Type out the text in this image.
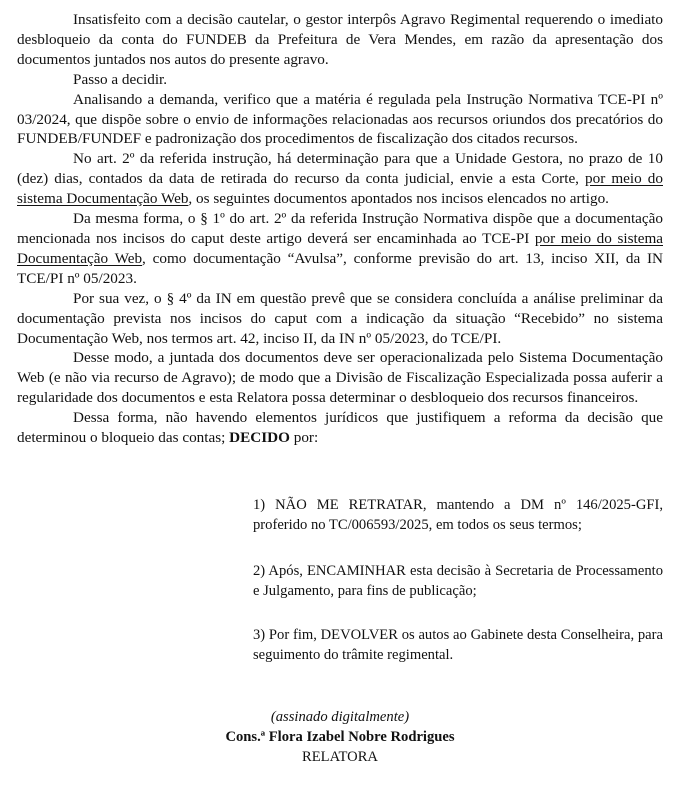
Insatisfeito com a decisão cautelar, o gestor interpôs Agravo Regimental requerendo o imediato desbloqueio da conta do FUNDEB da Prefeitura de Vera Mendes, em razão da apresentação dos documentos juntados nos autos do presente agravo.

Passo a decidir.

Analisando a demanda, verifico que a matéria é regulada pela Instrução Normativa TCE-PI nº 03/2024, que dispõe sobre o envio de informações relacionadas aos recursos oriundos dos precatórios do FUNDEB/FUNDEF e padronização dos procedimentos de fiscalização dos citados recursos.

No art. 2º da referida instrução, há determinação para que a Unidade Gestora, no prazo de 10 (dez) dias, contados da data de retirada do recurso da conta judicial, envie a esta Corte, por meio do sistema Documentação Web, os seguintes documentos apontados nos incisos elencados no artigo.

Da mesma forma, o § 1º do art. 2º da referida Instrução Normativa dispõe que a documentação mencionada nos incisos do caput deste artigo deverá ser encaminhada ao TCE-PI por meio do sistema Documentação Web, como documentação “Avulsa”, conforme previsão do art. 13, inciso XII, da IN TCE/PI nº 05/2023.

Por sua vez, o § 4º da IN em questão prevê que se considera concluída a análise preliminar da documentação prevista nos incisos do caput com a indicação da situação “Recebido” no sistema Documentação Web, nos termos art. 42, inciso II, da IN nº 05/2023, do TCE/PI.

Desse modo, a juntada dos documentos deve ser operacionalizada pelo Sistema Documentação Web (e não via recurso de Agravo); de modo que a Divisão de Fiscalização Especializada possa auferir a regularidade dos documentos e esta Relatora possa determinar o desbloqueio dos recursos financeiros.

Dessa forma, não havendo elementos jurídicos que justifiquem a reforma da decisão que determinou o bloqueio das contas; DECIDO por:

1) NÃO ME RETRATAR, mantendo a DM nº 146/2025-GFI, proferido no TC/006593/2025, em todos os seus termos;

2) Após, ENCAMINHAR esta decisão à Secretaria de Processamento e Julgamento, para fins de publicação;

3) Por fim, DEVOLVER os autos ao Gabinete desta Conselheira, para seguimento do trâmite regimental.

(assinado digitalmente)
Cons.ª Flora Izabel Nobre Rodrigues
RELATORA
